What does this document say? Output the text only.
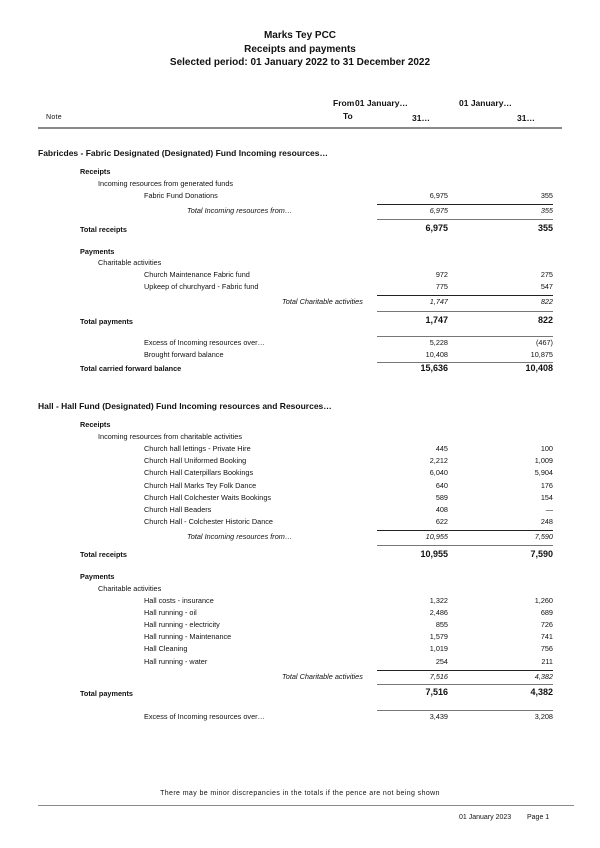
Marks Tey PCC
Receipts and payments
Selected period: 01 January 2022 to 31 December 2022
From 01 January…	01 January…
Note	To	31…	31…
Fabricdes - Fabric Designated (Designated) Fund Incoming resources…
Receipts
Incoming resources from generated funds
Fabric Fund Donations	6,975	355
Total Incoming resources from…	6,975	355
Total receipts	6,975	355
Payments
Charitable activities
Church Maintenance Fabric fund	972	275
Upkeep of churchyard - Fabric fund	775	547
Total Charitable activities	1,747	822
Total payments	1,747	822
Excess of Incoming resources over…	5,228	(467)
Brought forward balance	10,408	10,875
Total carried forward balance	15,636	10,408
Hall - Hall Fund (Designated) Fund Incoming resources and Resources…
Receipts
Incoming resources from charitable activities
Church hall lettings - Private Hire	445	100
Church Hall Uniformed Booking	2,212	1,009
Church Hall Caterpillars Bookings	6,040	5,904
Church Hall Marks Tey Folk Dance	640	176
Church Hall Colchester Waits Bookings	589	154
Church Hall Beaders	408	—
Church Hall - Colchester Historic Dance	622	248
Total Incoming resources from…	10,955	7,590
Total receipts	10,955	7,590
Payments
Charitable activities
Hall costs - insurance	1,322	1,260
Hall running - oil	2,486	689
Hall running - electricity	855	726
Hall running - Maintenance	1,579	741
Hall Cleaning	1,019	756
Hall running - water	254	211
Total Charitable activities	7,516	4,382
Total payments	7,516	4,382
Excess of Incoming resources over…	3,439	3,208
There may be minor discrepancies in the totals if the pence are not being shown
01 January 2023 Page 1
